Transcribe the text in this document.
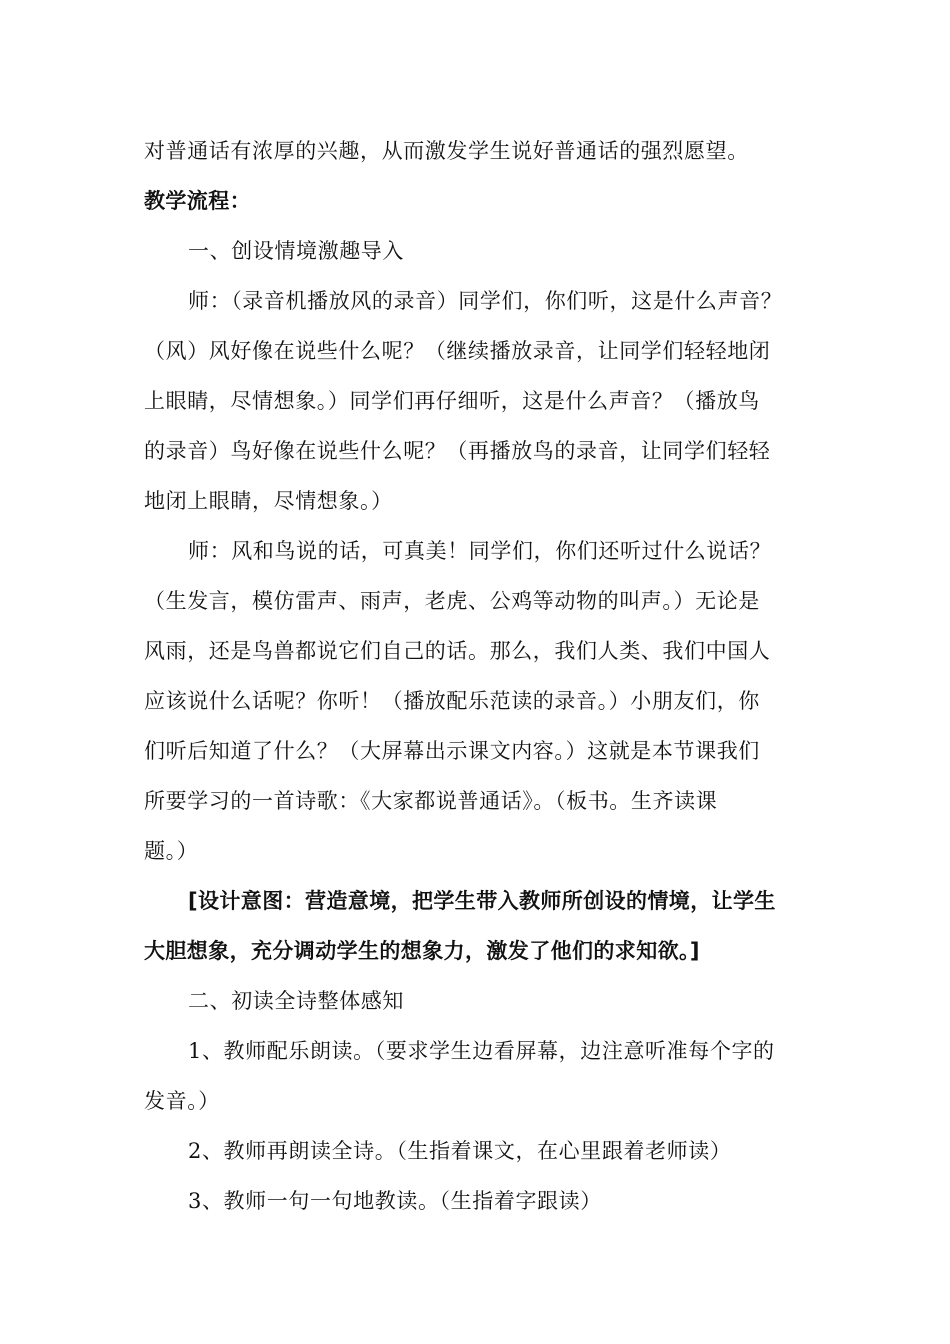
对普通话有浓厚的兴趣，从而激发学生说好普通话的强烈愿望。
教学流程：
一、创设情境激趣导入
师：（录音机播放风的录音）同学们，你们听，这是什么声音？
（风）风好像在说些什么呢？（继续播放录音，让同学们轻轻地闭
上眼睛，尽情想象。）同学们再仔细听，这是什么声音？（播放鸟
的录音）鸟好像在说些什么呢？（再播放鸟的录音，让同学们轻轻
地闭上眼睛，尽情想象。）
师：风和鸟说的话，可真美！同学们，你们还听过什么说话？
（生发言，模仿雷声、雨声，老虎、公鸡等动物的叫声。）无论是
风雨，还是鸟兽都说它们自己的话。那么，我们人类、我们中国人
应该说什么话呢？你听！（播放配乐范读的录音。）小朋友们，你
们听后知道了什么？（大屏幕出示课文内容。）这就是本节课我们
所要学习的一首诗歌：《大家都说普通话》。（板书。生齐读课
题。）
[设计意图：营造意境，把学生带入教师所创设的情境，让学生
大胆想象，充分调动学生的想象力，激发了他们的求知欲。]
二、初读全诗整体感知
1、教师配乐朗读。（要求学生边看屏幕，边注意听准每个字的
发音。）
2、教师再朗读全诗。（生指着课文，在心里跟着老师读）
3、教师一句一句地教读。（生指着字跟读）
